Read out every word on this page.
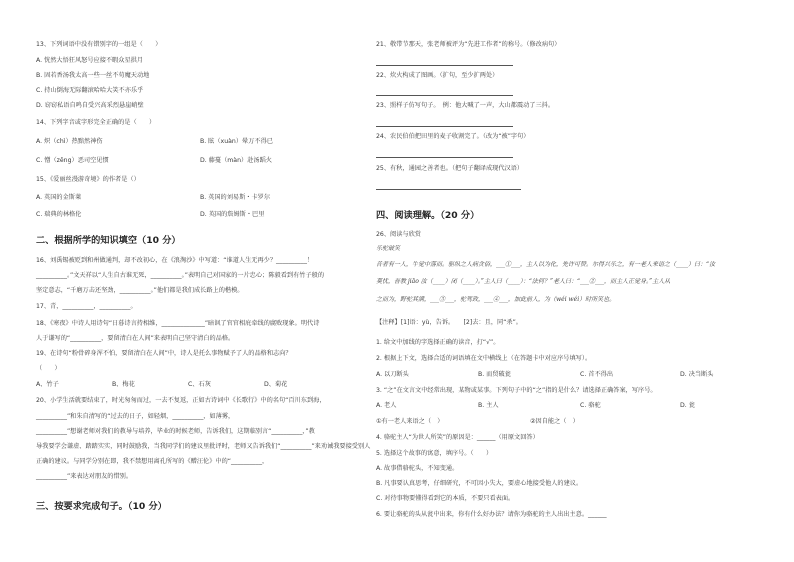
13、下列词语中没有错别字的一组是（　　）
A. 恍然大悟狂风怒号应接不暇众星拱月
B. 固若香汤我太高一些一丝不苟魔天动地
C. 持山倒海无际翻滚哈哈大笑不亦乐乎
D. 窃窃私语自鸣自受兴高采烈悬崖峭壁
14、下列字音或字形完全正确的是（　　）
A. 炽（chì）热黯然神伤	B. 眩（xuàn）晕万不得已
C. 憎（zēng）恶司空见惯	D. 藤蔓（màn）赴汤蹈火
15、《爱丽丝漫游奇境》的作者是（）
A. 英国的金斯莱	B. 英国的刘易斯・卡罗尔
C. 瑞典的林格伦	D. 英国的詹姆斯・巴里
二、根据所学的知识填空（10 分）
16、刘禹锡被贬到和州做通判，却不改初心，在《浪淘沙》中写道：“谁道人生无再少？__________！
__________。”文天祥以“人生自古谁无死，__________。”表明自己对国家的一片忠心；陈毅看到有竹子般的
坚定意志，“千磨万击还坚劲，__________。”他们都是我们成长路上的楷模。
17、青，__________，__________。
18、《寒夜》中诗人用诗句“日暮诗言持相维，______________”暗讽了官官相庇牵线的腐败现象。明代诗
人于谦写的“__________，要留清白在人间”来表明自己坚守清白的品格。
19、在诗句“粉骨碎身浑不怕，要留清白在人间”中，诗人是托么事物赋予了人的品格和志向？
（　　）
A、竹子	B、梅花	C、石灰	D、菊花
20、小学生活就要结束了，时光匆匆而过，一去不复返，正如古诗词中《长歌行》中的名句“百川东到海，
__________”和朱自清写的“过去的日子，如轻烟，__________，如薄雾，
__________”想谢老师对我们的教导与培养，毕业的时候老师，告诉我们，这期临别言“__________，”教
导我要学会谦虚、踏踏实实，同时鼓励我，当我同学们的建议里批评时，老师又告诉我们“__________”来劝诫我要接受别人
正确的建议。与同学分别在即，我不禁想用离孔所写的《赠汪伦》中的“__________，
__________”来表达对朋友的惜别。
三、按要求完成句子。（10 分）
21、敬带节那天，张老师被评为“先进工作者”的称号。（修改病句）
22、炊火构成了图画。（扩句，至少扩两处）
23、照样子仿写句子。　例：他大喊了一声，大山都震动了三抖。
24、农民伯伯把田里的麦子收割完了。（改为“被”字句）
25、有秋，通园之善者也。（把句子翻译成现代汉语）
四、阅读理解。（20 分）
26、阅读与欣赏
乐驼破笑
昔者有一人，牛觉中落而。驱纵之人病贪俗，___①___，主人以为化，先许可赞。尔得兴乐之，有一老人来语之（____）曰：“汝
莫忧，吾教 jiāo 汝（____）闭（____）。”主人曰（____）：“法何？”老人曰：“___②___，而主人正觉身。”主人从
之而为，野驼其满，___③___，驼驾致，___④___，加此前人，为（wéi wéi）时所笑也。
【注释】[1]语：yù，告诉。　　[2]去：且，同“杀”。
1. 给文中加线的字选择正确的读音，打“√”。
2. 根据上下文，选择合适的词语填在文中横线上（在答题卡中对应序号填写）。
A. 以刀断头	B. 而贸破瓮	C. 首不得出	D. 决当断头
3. “之”在文言文中经常出现，某物或某事。下列句子中的“之”指的是什么？请选择正确答案，写序号。
A. 老人	B. 主人	C. 骆驼	D. 瓮
①有一老人来语之（　）	②因自能之（　）
4. 骆驼主人“为世人所笑”的原因是：______（用原文回答）
5. 选择这个故事的寓意，填序号。（　　）
A. 故事借骆驼头，不知变通。
B. 凡事要认真思考，仔细研究，不可因小失大，要虚心地接受他人的建议。
C. 对待事物要懂得看到它的本质，不要只看表面。
6. 要让骆驼的头从瓮中出来，你有什么好办法？请你为骆驼的主人出出主意。______
